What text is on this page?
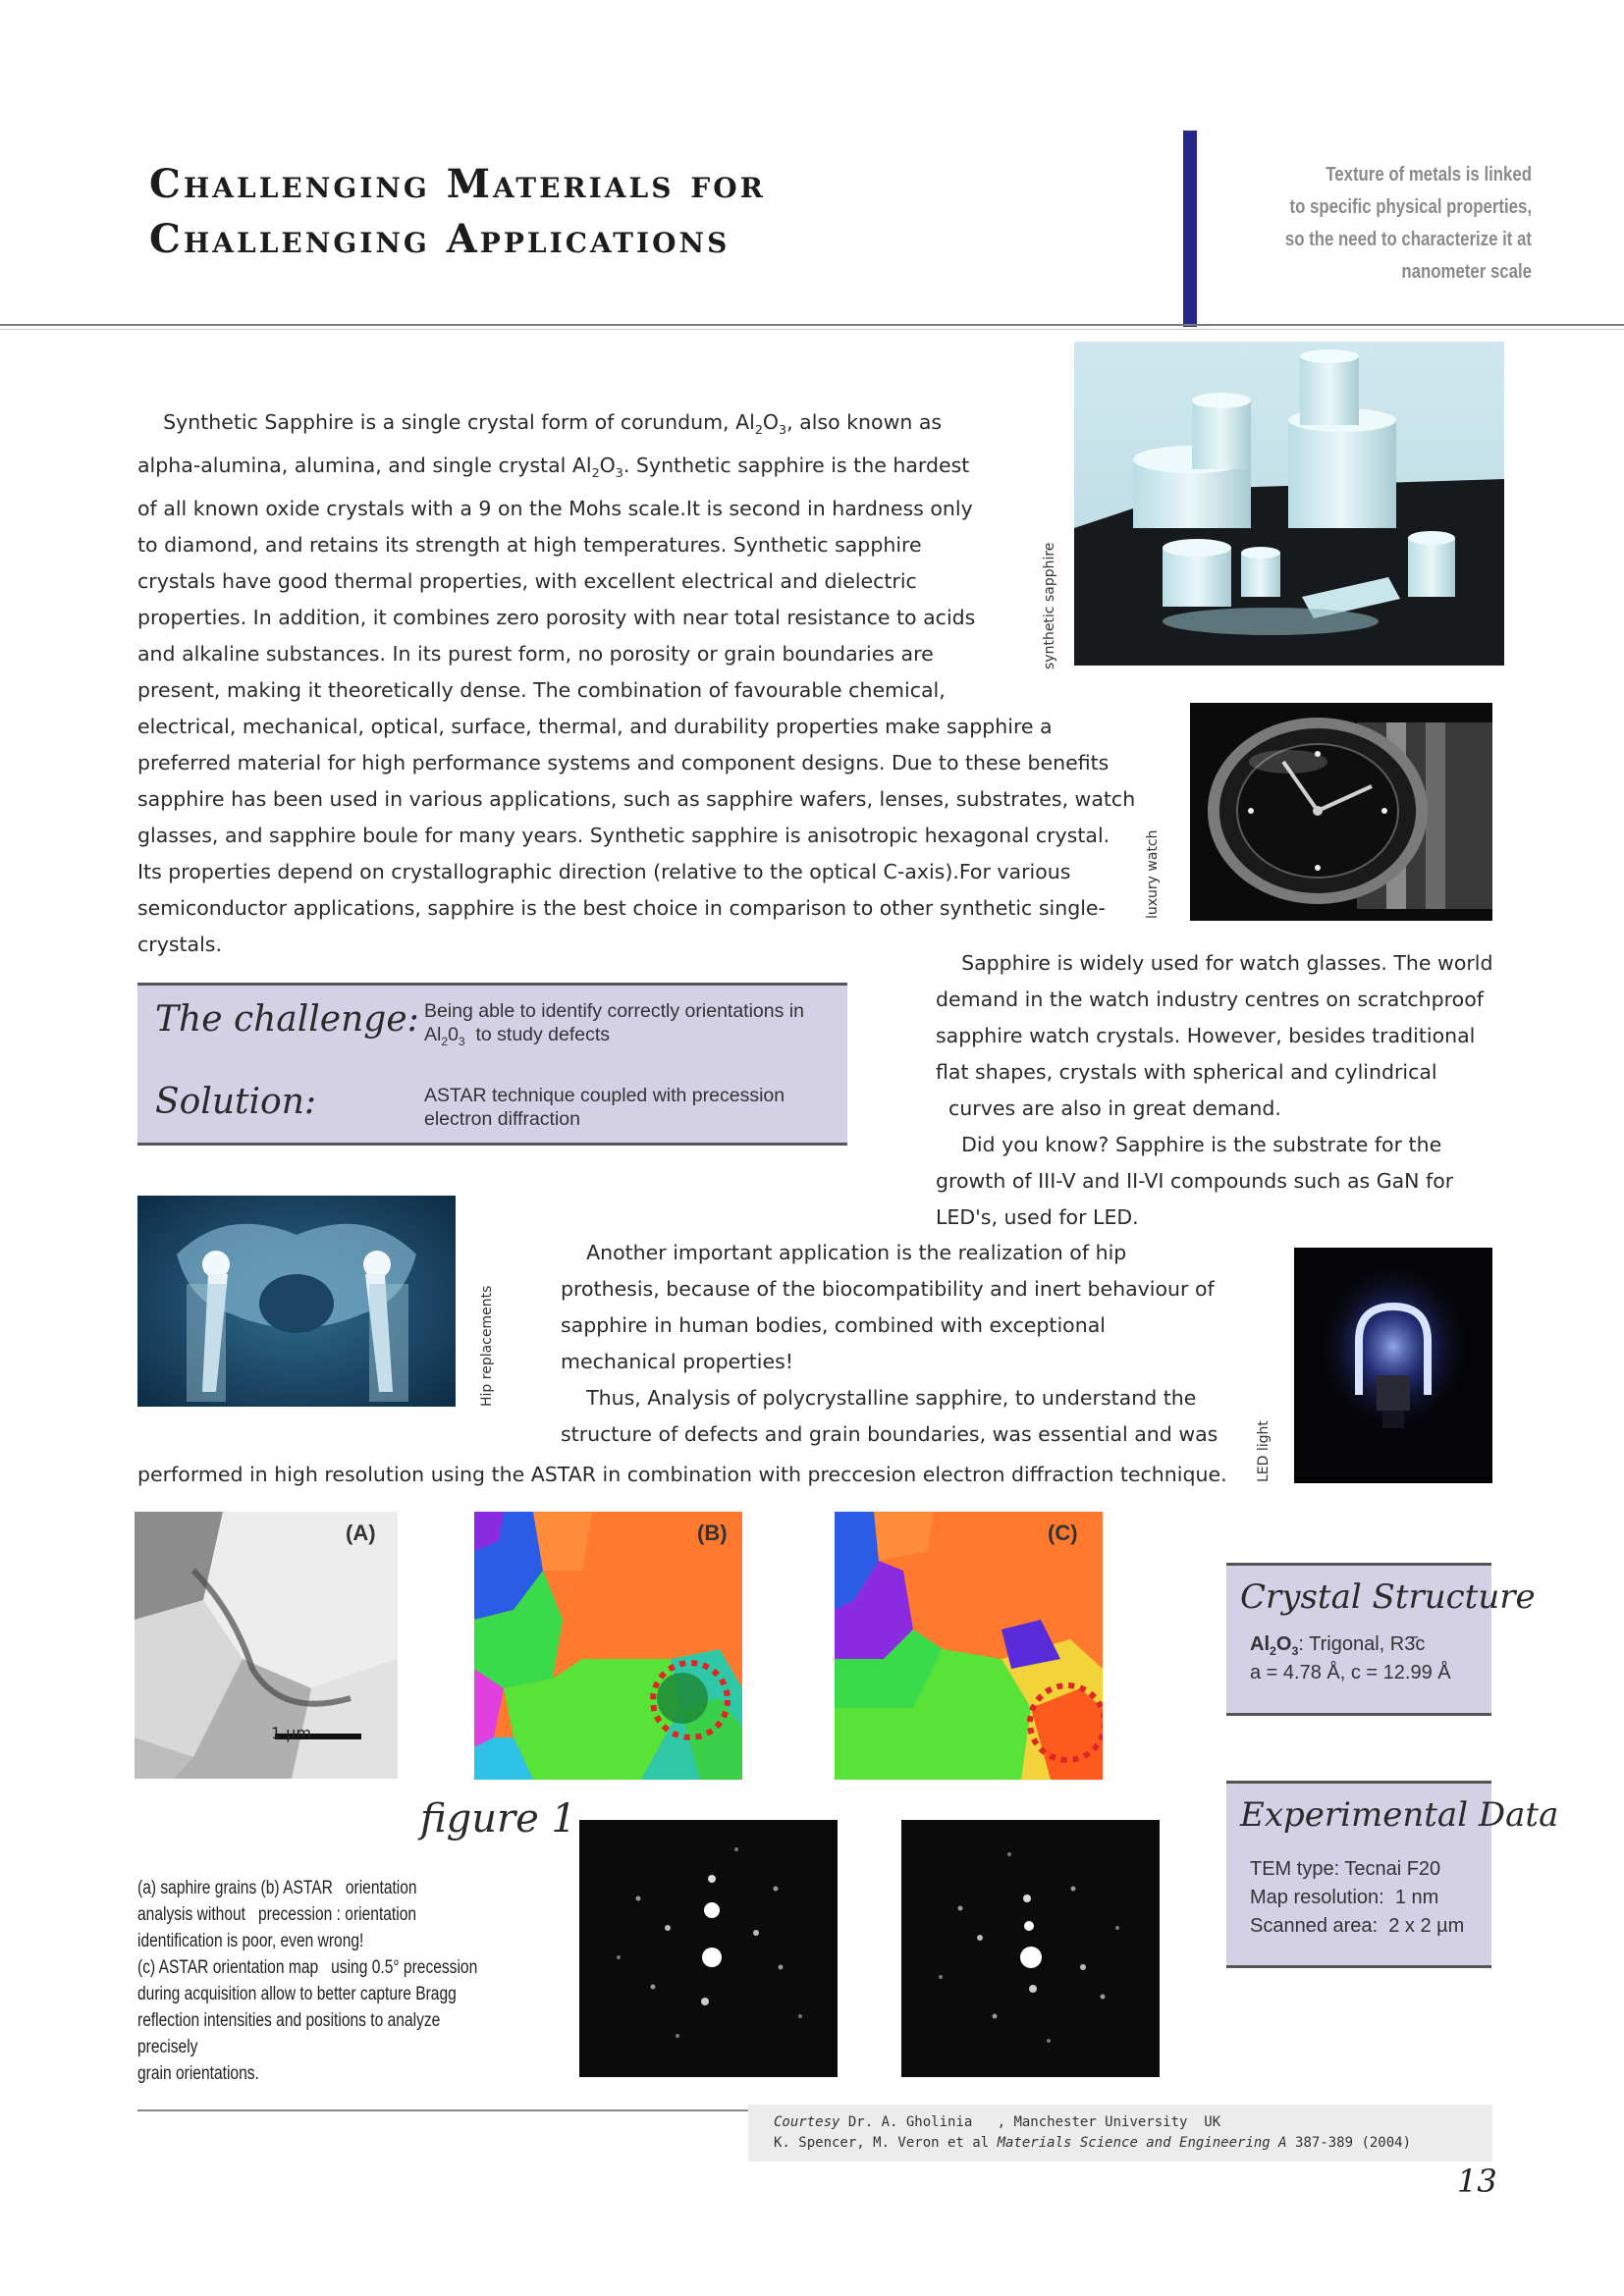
Challenging Materials for
Challenging Applications
Texture of metals is linked
to specific physical properties,
so the need to characterize it at
nanometer scale
Synthetic Sapphire is a single crystal form of corundum, $Al_2O_3$, also known as
alpha-alumina, alumina, and single crystal $Al_2O_3$. Synthetic sapphire is the hardest
of all known oxide crystals with a 9 on the Mohs scale.It is second in hardness only
to diamond, and retains its strength at high temperatures. Synthetic sapphire
crystals have good thermal properties, with excellent electrical and dielectric
properties. In addition, it combines zero porosity with near total resistance to acids
and alkaline substances. In its purest form, no porosity or grain boundaries are
present, making it theoretically dense. The combination of favourable chemical,
electrical, mechanical, optical, surface, thermal, and durability properties make sapphire a
preferred material for high performance systems and component designs. Due to these benefits
sapphire has been used in various applications, such as sapphire wafers, lenses, substrates, watch
glasses, and sapphire boule for many years. Synthetic sapphire is anisotropic hexagonal crystal.
Its properties depend on crystallographic direction (relative to the optical C-axis).For various
semiconductor applications, sapphire is the best choice in comparison to other synthetic single-
crystals.
synthetic sapphire
luxury watch
Sapphire is widely used for watch glasses. The world
demand in the watch industry centres on scratchproof
sapphire watch crystals. However, besides traditional
flat shapes, crystals with spherical and cylindrical
curves are also in great demand.
Did you know? Sapphire is the substrate for the
growth of III-V and II-VI compounds such as GaN for
LED's, used for LED.
The challenge: Being able to identify correctly orientations in $Al_20_3$  to study defects
Solution:	ASTAR technique coupled with precession electron diffraction
Hip replacements
Another important application is the realization of hip
prothesis, because of the biocompatibility and inert behaviour of
sapphire in human bodies, combined with exceptional
mechanical properties!
Thus, Analysis of polycrystalline sapphire, to understand the
structure of defects and grain boundaries, was essential and was
performed in high resolution using the ASTAR in combination with preccesion electron diffraction technique.	LED light
(A)
1 µm
(B)	(C)
figure 1
(a) saphire grains (b) ASTAR   orientation
analysis without   precession : orientation
identification is poor, even wrong!
(c) ASTAR orientation map   using 0.5° precession
during acquisition allow to better capture Bragg
reflection intensities and positions to analyze precisely
grain orientations.
Crystal Structure
$Al_2O_3$: Trigonal, R3̄c
a = 4.78 Å, c = 12.99 Å
Experimental Data
TEM type: Tecnai F20
Map resolution:  1 nm
Scanned area:  2 x 2 µm
Courtesy Dr. A. Gholinia   , Manchester University  UK
K. Spencer, M. Veron et al Materials Science and Engineering A 387-389 (2004)
13
